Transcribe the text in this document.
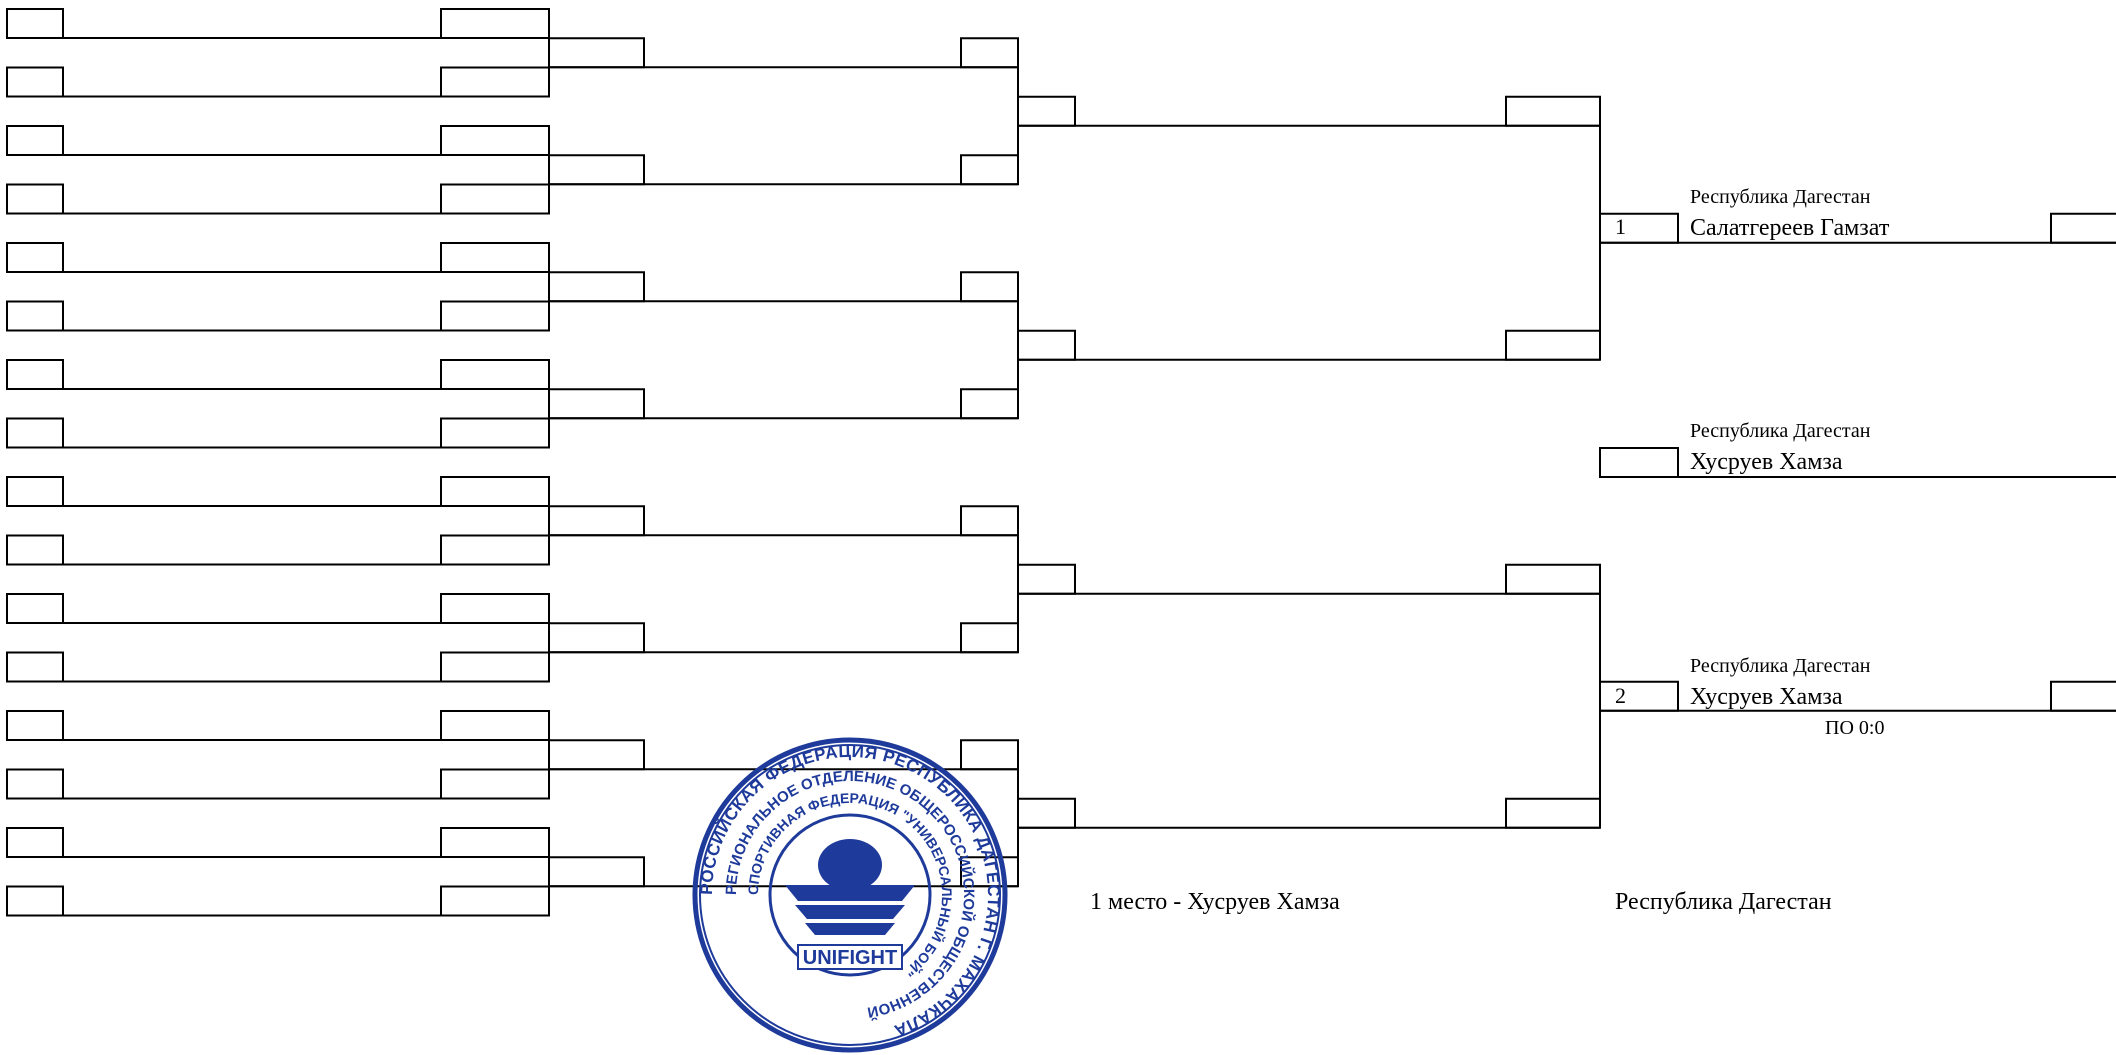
Республика Дагестан
Салатгереев Гамзат
1
Республика Дагестан
Хусруев Хамза
Республика Дагестан
Хусруев Хамза
2
ПО 0:0
1 место - Хусруев Хамза	Республика Дагестан
РОССИЙСКАЯ ФЕДЕРАЦИЯ РЕСПУБЛИКА ДАГЕСТАН Г. МАХАЧКАЛА
РЕГИОНАЛЬНОЕ ОТДЕЛЕНИЕ ОБЩЕРОССИЙСКОЙ ОБЩЕСТВЕННОЙ
СПОРТИВНАЯ ФЕДЕРАЦИЯ "УНИВЕРСАЛЬНЫЙ БОЙ"
UNIFIGHT
